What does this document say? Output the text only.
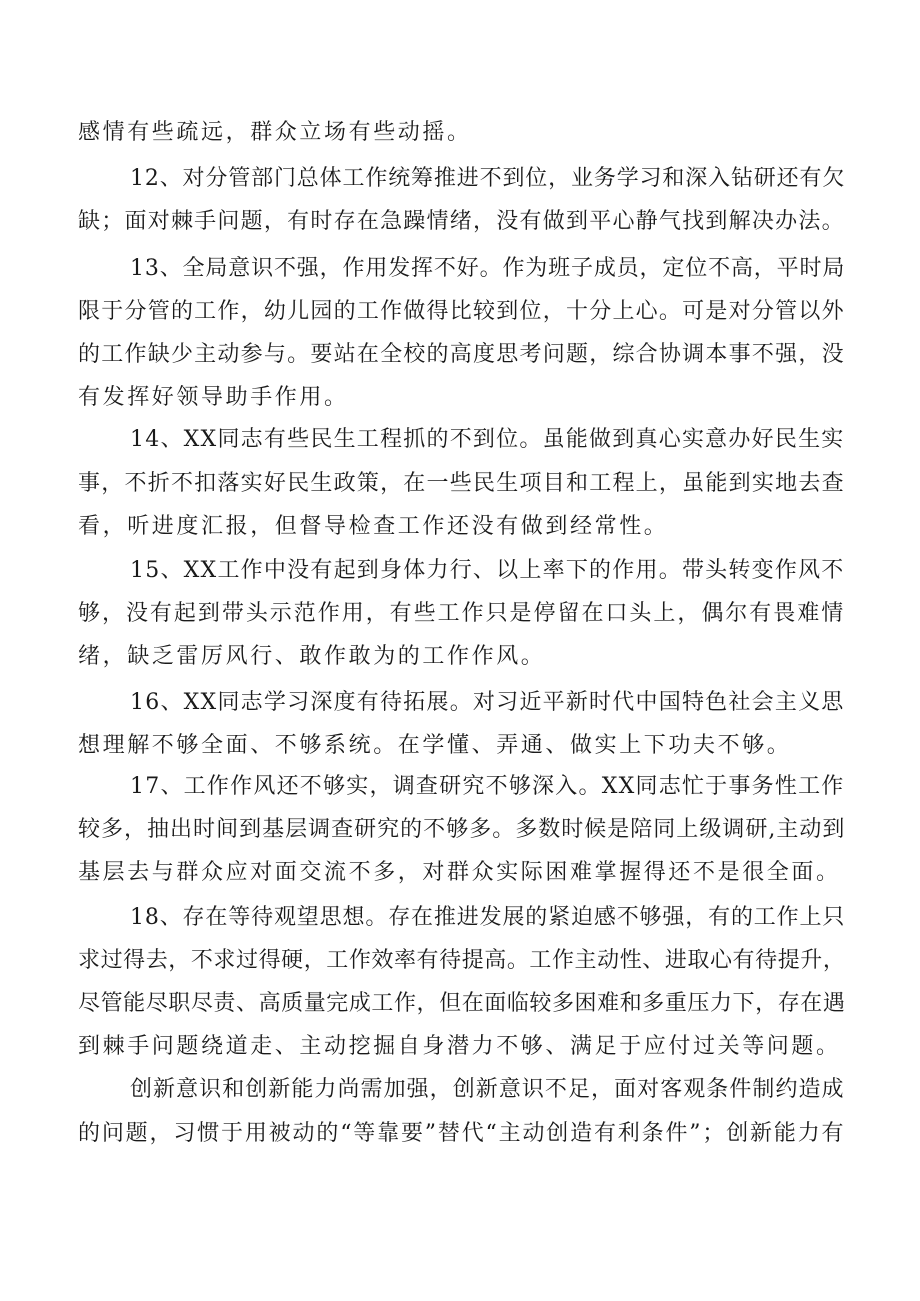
感情有些疏远，群众立场有些动摇。
12、对分管部门总体工作统筹推进不到位，业务学习和深入钻研还有欠
缺；面对棘手问题，有时存在急躁情绪，没有做到平心静气找到解决办法。
13、全局意识不强，作用发挥不好。作为班子成员，定位不高，平时局
限于分管的工作，幼儿园的工作做得比较到位，十分上心。可是对分管以外
的工作缺少主动参与。要站在全校的高度思考问题，综合协调本事不强，没
有发挥好领导助手作用。
14、XX同志有些民生工程抓的不到位。虽能做到真心实意办好民生实
事，不折不扣落实好民生政策，在一些民生项目和工程上，虽能到实地去查
看，听进度汇报，但督导检查工作还没有做到经常性。
15、XX工作中没有起到身体力行、以上率下的作用。带头转变作风不
够，没有起到带头示范作用，有些工作只是停留在口头上，偶尔有畏难情
绪，缺乏雷厉风行、敢作敢为的工作作风。
16、XX同志学习深度有待拓展。对习近平新时代中国特色社会主义思
想理解不够全面、不够系统。在学懂、弄通、做实上下功夫不够。
17、工作作风还不够实，调查研究不够深入。XX同志忙于事务性工作
较多，抽出时间到基层调查研究的不够多。多数时候是陪同上级调研,主动到
基层去与群众应对面交流不多，对群众实际困难掌握得还不是很全面。
18、存在等待观望思想。存在推进发展的紧迫感不够强，有的工作上只
求过得去，不求过得硬，工作效率有待提高。工作主动性、进取心有待提升，
尽管能尽职尽责、高质量完成工作，但在面临较多困难和多重压力下，存在遇
到棘手问题绕道走、主动挖掘自身潜力不够、满足于应付过关等问题。
创新意识和创新能力尚需加强，创新意识不足，面对客观条件制约造成
的问题，习惯于用被动的“等靠要”替代“主动创造有利条件”；创新能力有
